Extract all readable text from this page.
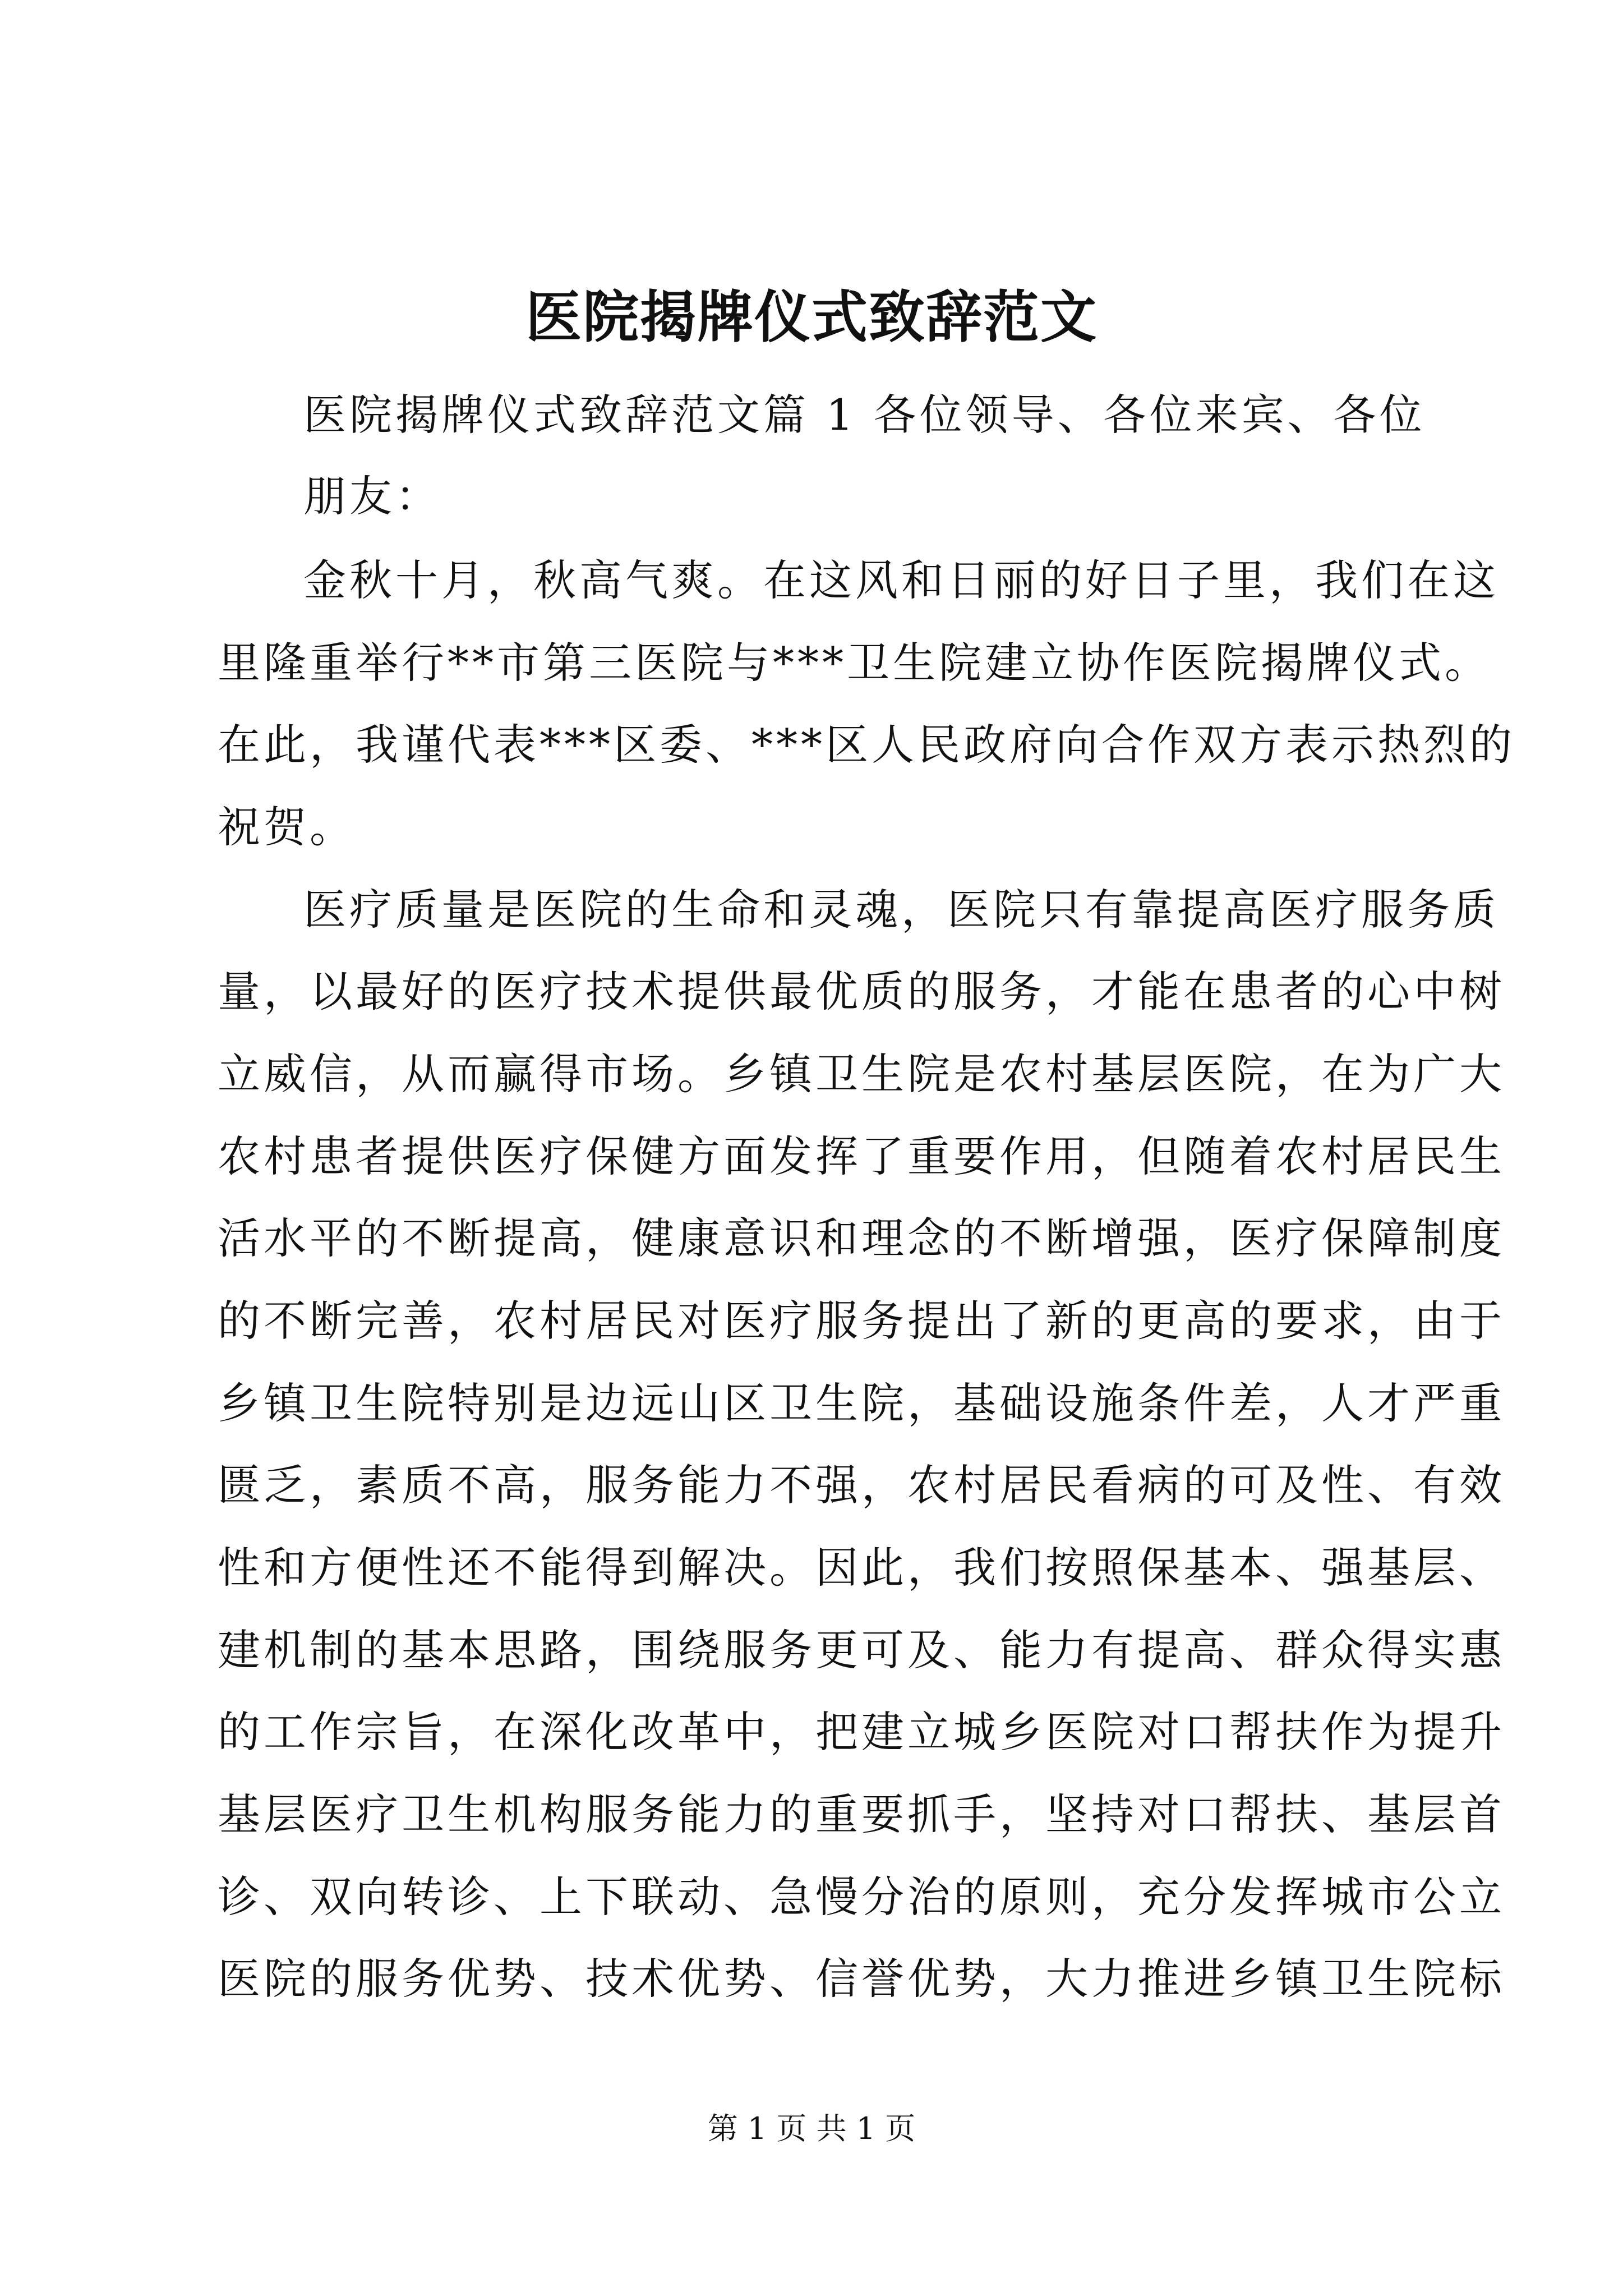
医院揭牌仪式致辞范文
医院揭牌仪式致辞范文篇 1 各位领导、各位来宾、各位
朋友：
金秋十月，秋高气爽。在这风和日丽的好日子里，我们在这
里隆重举行**市第三医院与***卫生院建立协作医院揭牌仪式。
在此，我谨代表***区委、***区人民政府向合作双方表示热烈的
祝贺。
医疗质量是医院的生命和灵魂，医院只有靠提高医疗服务质
量，以最好的医疗技术提供最优质的服务，才能在患者的心中树
立威信，从而赢得市场。乡镇卫生院是农村基层医院，在为广大
农村患者提供医疗保健方面发挥了重要作用，但随着农村居民生
活水平的不断提高，健康意识和理念的不断增强，医疗保障制度
的不断完善，农村居民对医疗服务提出了新的更高的要求，由于
乡镇卫生院特别是边远山区卫生院，基础设施条件差，人才严重
匮乏，素质不高，服务能力不强，农村居民看病的可及性、有效
性和方便性还不能得到解决。因此，我们按照保基本、强基层、
建机制的基本思路，围绕服务更可及、能力有提高、群众得实惠
的工作宗旨，在深化改革中，把建立城乡医院对口帮扶作为提升
基层医疗卫生机构服务能力的重要抓手，坚持对口帮扶、基层首
诊、双向转诊、上下联动、急慢分治的原则，充分发挥城市公立
医院的服务优势、技术优势、信誉优势，大力推进乡镇卫生院标
第 1 页 共 1 页
